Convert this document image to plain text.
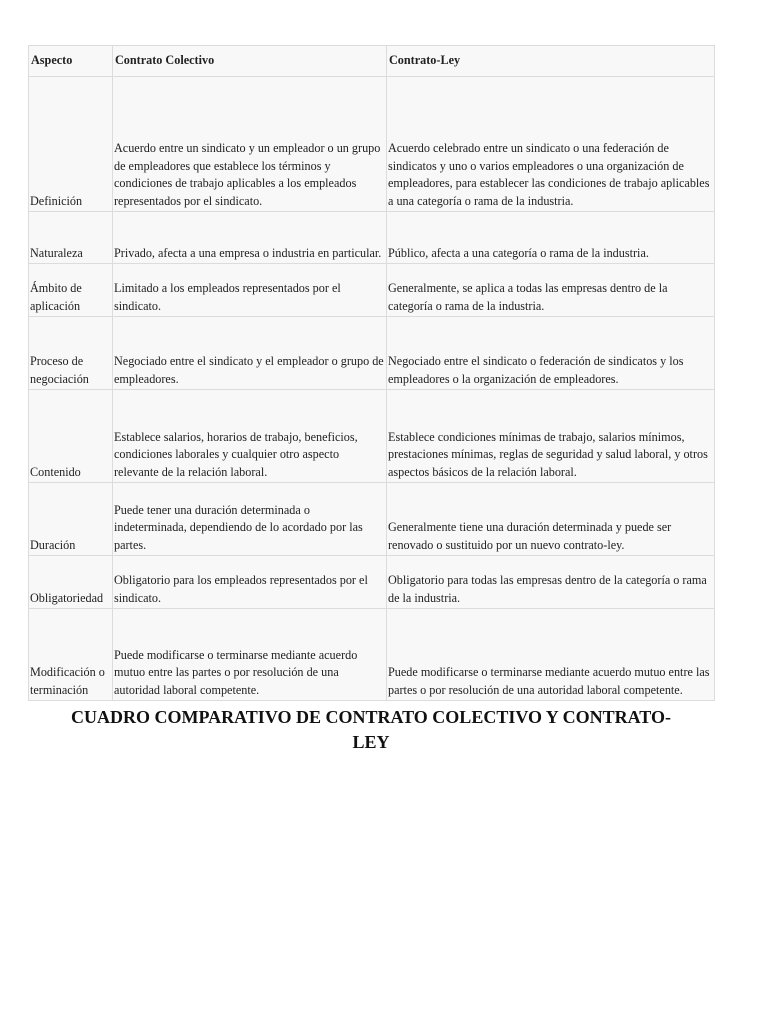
Aspecto	Contrato Colectivo	Contrato-Ley
Definición	Acuerdo entre un sindicato y un empleador o un grupo de empleadores que establece los términos y condiciones de trabajo aplicables a los empleados representados por el sindicato.	Acuerdo celebrado entre un sindicato o una federación de sindicatos y uno o varios empleadores o una organización de empleadores, para establecer las condiciones de trabajo aplicables a una categoría o rama de la industria.
Naturaleza	Privado, afecta a una empresa o industria en particular.	Público, afecta a una categoría o rama de la industria.
Ámbito de aplicación	Limitado a los empleados representados por el sindicato.	Generalmente, se aplica a todas las empresas dentro de la categoría o rama de la industria.
Proceso de negociación	Negociado entre el sindicato y el empleador o grupo de empleadores.	Negociado entre el sindicato o federación de sindicatos y los empleadores o la organización de empleadores.
Contenido	Establece salarios, horarios de trabajo, beneficios, condiciones laborales y cualquier otro aspecto relevante de la relación laboral.	Establece condiciones mínimas de trabajo, salarios mínimos, prestaciones mínimas, reglas de seguridad y salud laboral, y otros aspectos básicos de la relación laboral.
Duración	Puede tener una duración determinada o indeterminada, dependiendo de lo acordado por las partes.	Generalmente tiene una duración determinada y puede ser renovado o sustituido por un nuevo contrato-ley.
Obligatoriedad	Obligatorio para los empleados representados por el sindicato.	Obligatorio para todas las empresas dentro de la categoría o rama de la industria.
Modificación o terminación	Puede modificarse o terminarse mediante acuerdo mutuo entre las partes o por resolución de una autoridad laboral competente.	Puede modificarse o terminarse mediante acuerdo mutuo entre las partes o por resolución de una autoridad laboral competente.
CUADRO COMPARATIVO DE CONTRATO COLECTIVO Y CONTRATO-LEY
